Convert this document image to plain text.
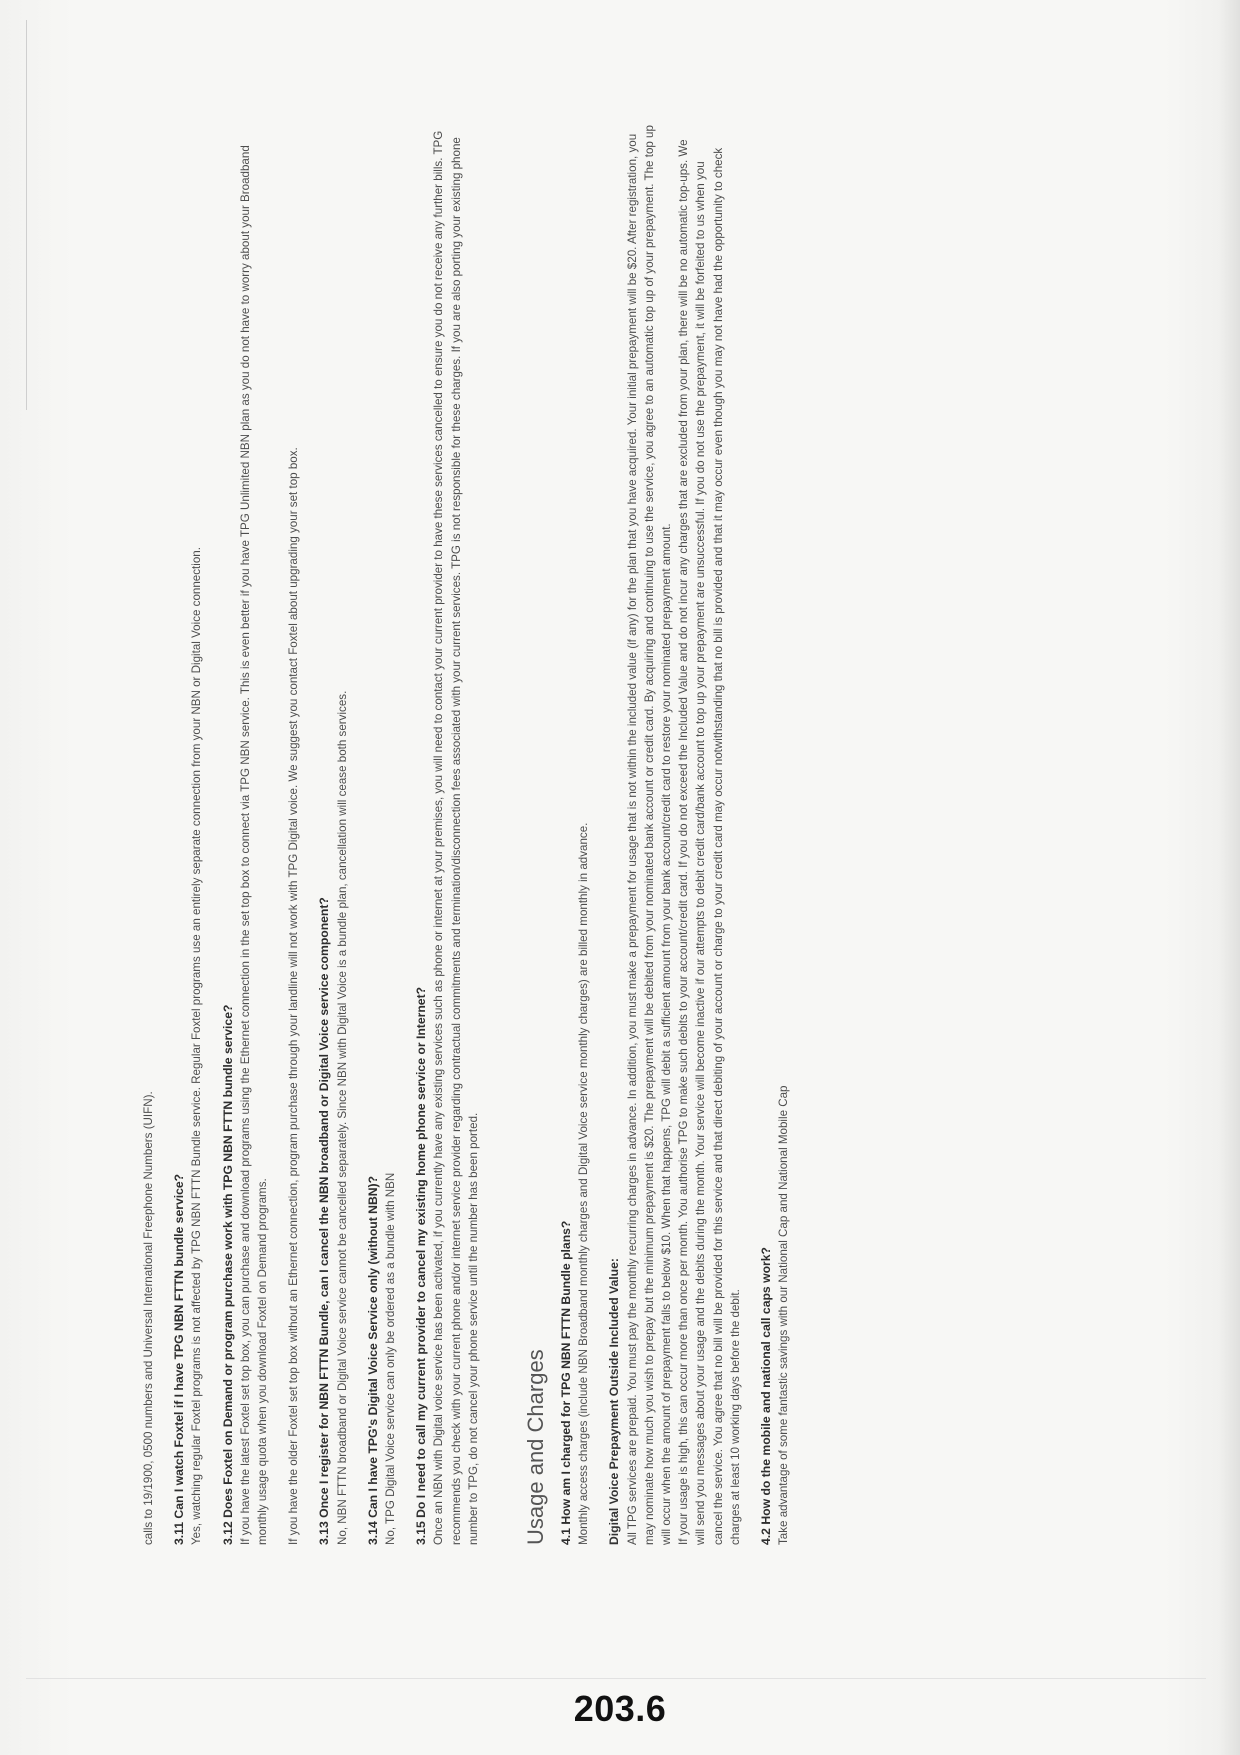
calls to 19/1900, 0500 numbers and Universal International Freephone Numbers (UIFN). 3.11 Can I watch Foxtel if I have TPG NBN FTTN bundle service? Yes, watching regular Foxtel programs is not affected by TPG NBN FTTN Bundle service. Regular Foxtel programs use an entirely separate connection from your NBN or Digital Voice connection. 3.12 Does Foxtel on Demand or program purchase work with TPG NBN FTTN bundle service? If you have the latest Foxtel set top box, you can purchase and download programs using the Ethernet connection in the set top box to connect via TPG NBN service. This is even better if you have TPG Unlimited NBN plan as you do not have to worry about your Broadband monthly usage quota when you download Foxtel on Demand programs. If you have the older Foxtel set top box without an Ethernet connection, program purchase through your landline will not work with TPG Digital voice. We suggest you contact Foxtel about upgrading your set top box. 3.13 Once I register for NBN FTTN Bundle, can I cancel the NBN broadband or Digital Voice service component? No, NBN FTTN broadband or Digital Voice service cannot be cancelled separately. Since NBN with Digital Voice is a bundle plan, cancellation will cease both services. 3.14 Can I have TPG's Digital Voice Service only (without NBN)? No, TPG Digital Voice service can only be ordered as a bundle with NBN 3.15 Do I need to call my current provider to cancel my existing home phone service or Internet? Once an NBN with Digital voice service has been activated, if you currently have any existing services such as phone or internet at your premises, you will need to contact your current provider to have these services cancelled to ensure you do not receive any further bills. TPG recommends you check with your current phone and/or internet service provider regarding contractual commitments and termination/disconnection fees associated with your current services. TPG is not responsible for these charges. If you are also porting your existing phone number to TPG, do not cancel your phone service until the number has been ported. Usage and Charges 4.1 How am I charged for TPG NBN FTTN Bundle plans? Monthly access charges (include NBN Broadband monthly charges and Digital Voice service monthly charges) are billed monthly in advance. Digital Voice Prepayment Outside Included Value: All TPG services are prepaid. You must pay the monthly recurring charges in advance. In addition, you must make a prepayment for usage that is not within the included value (if any) for the plan that you have acquired. Your initial prepayment will be $20. After registration, you may nominate how much you wish to prepay but the minimum prepayment is $20. The prepayment will be debited from your nominated bank account or credit card. By acquiring and continuing to use the service, you agree to an automatic top up of your prepayment. The top up will occur when the amount of prepayment falls to below $10. When that happens, TPG will debit a sufficient amount from your bank account/credit card to restore your nominated prepayment amount. If your usage is high, this can occur more than once per month. You authorise TPG to make such debits to your account/credit card. If you do not exceed the Included Value and do not incur any charges that are excluded from your plan, there will be no automatic top-ups. We will send you messages about your usage and the debits during the month. Your service will become inactive if our attempts to debit credit card/bank account to top up your prepayment are unsuccessful. If you do not use the prepayment, it will be forfeited to us when you cancel the service. You agree that no bill will be provided for this service and that direct debiting of your account or charge to your credit card may occur notwithstanding that no bill is provided and that it may occur even though you may not have had the opportunity to check charges at least 10 working days before the debit. 4.2 How do the mobile and national call caps work? Take advantage of some fantastic savings with our National Cap and National Mobile Cap

203.6
